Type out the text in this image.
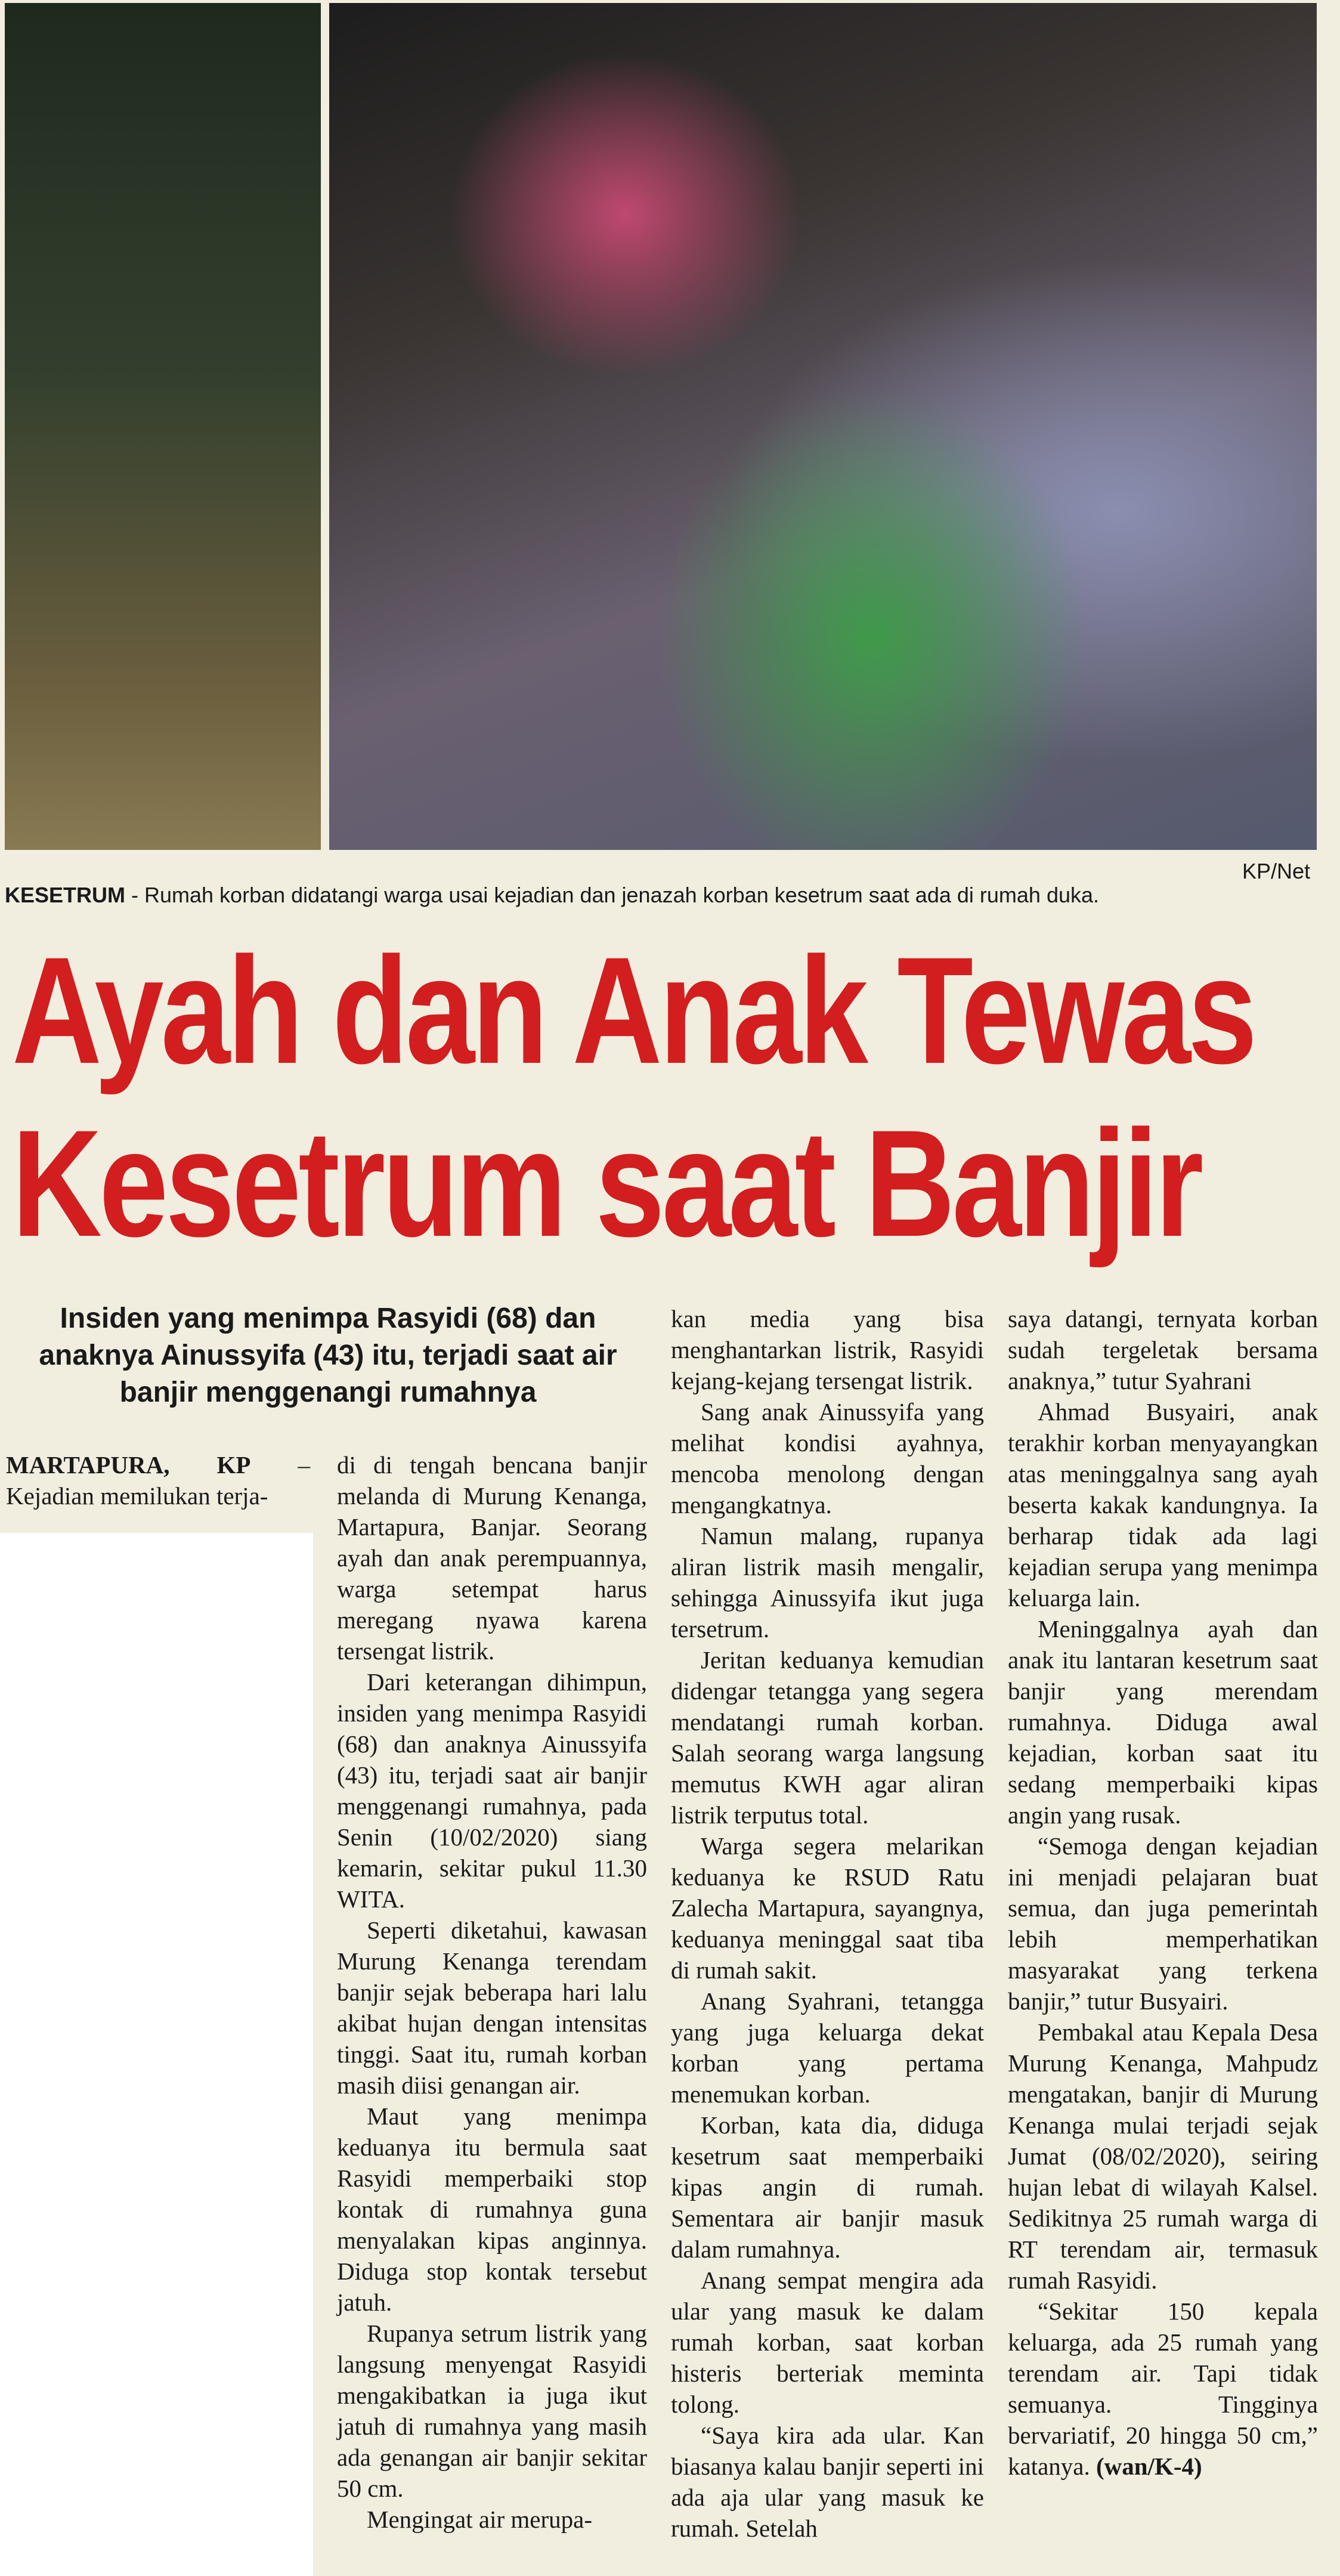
KP/Net
KESETRUM - Rumah korban didatangi warga usai kejadian dan jenazah korban kesetrum saat ada di rumah duka.
Ayah dan Anak Tewas
Kesetrum saat Banjir
Insiden yang menimpa Rasyidi (68) dan anaknya Ainussyifa (43) itu, terjadi saat air banjir menggenangi rumahnya

MARTAPURA, KP – Kejadian memilukan terja-

di di tengah bencana banjir melanda di Murung Kenanga, Martapura, Banjar. Seorang ayah dan anak perempuannya, warga setempat harus meregang nyawa karena tersengat listrik.

Dari keterangan dihimpun, insiden yang menimpa Rasyidi (68) dan anaknya Ainussyifa (43) itu, terjadi saat air banjir menggenangi rumahnya, pada Senin (10/02/2020) siang kemarin, sekitar pukul 11.30 WITA.

Seperti diketahui, kawasan Murung Kenanga terendam banjir sejak beberapa hari lalu akibat hujan dengan intensitas tinggi. Saat itu, rumah korban masih diisi genangan air.

Maut yang menimpa keduanya itu bermula saat Rasyidi memperbaiki stop kontak di rumahnya guna menyalakan kipas anginnya. Diduga stop kontak tersebut jatuh.

Rupanya setrum listrik yang langsung menyengat Rasyidi mengakibatkan ia juga ikut jatuh di rumahnya yang masih ada genangan air banjir sekitar 50 cm.

Mengingat air merupa-

kan media yang bisa menghantarkan listrik, Rasyidi kejang-kejang tersengat listrik.

Sang anak Ainussyifa yang melihat kondisi ayahnya, mencoba menolong dengan mengangkatnya.

Namun malang, rupanya aliran listrik masih mengalir, sehingga Ainussyifa ikut juga tersetrum.

Jeritan keduanya kemudian didengar tetangga yang segera mendatangi rumah korban. Salah seorang warga langsung memutus KWH agar aliran listrik terputus total.

Warga segera melarikan keduanya ke RSUD Ratu Zalecha Martapura, sayangnya, keduanya meninggal saat tiba di rumah sakit.

Anang Syahrani, tetangga yang juga keluarga dekat korban yang pertama menemukan korban.

Korban, kata dia, diduga kesetrum saat memperbaiki kipas angin di rumah. Sementara air banjir masuk dalam rumahnya.

Anang sempat mengira ada ular yang masuk ke dalam rumah korban, saat korban histeris berteriak meminta tolong.

“Saya kira ada ular. Kan biasanya kalau banjir seperti ini ada aja ular yang masuk ke rumah. Setelah

saya datangi, ternyata korban sudah tergeletak bersama anaknya,” tutur Syahrani

Ahmad Busyairi, anak terakhir korban menyayangkan atas meninggalnya sang ayah beserta kakak kandungnya. Ia berharap tidak ada lagi kejadian serupa yang menimpa keluarga lain.

Meninggalnya ayah dan anak itu lantaran kesetrum saat banjir yang merendam rumahnya. Diduga awal kejadian, korban saat itu sedang memperbaiki kipas angin yang rusak.

“Semoga dengan kejadian ini menjadi pelajaran buat semua, dan juga pemerintah lebih memperhatikan masyarakat yang terkena banjir,” tutur Busyairi.

Pembakal atau Kepala Desa Murung Kenanga, Mahpudz mengatakan, banjir di Murung Kenanga mulai terjadi sejak Jumat (08/02/2020), seiring hujan lebat di wilayah Kalsel. Sedikitnya 25 rumah warga di RT terendam air, termasuk rumah Rasyidi.

“Sekitar 150 kepala keluarga, ada 25 rumah yang terendam air. Tapi tidak semuanya. Tingginya bervariatif, 20 hingga 50 cm,” katanya. (wan/K-4)
